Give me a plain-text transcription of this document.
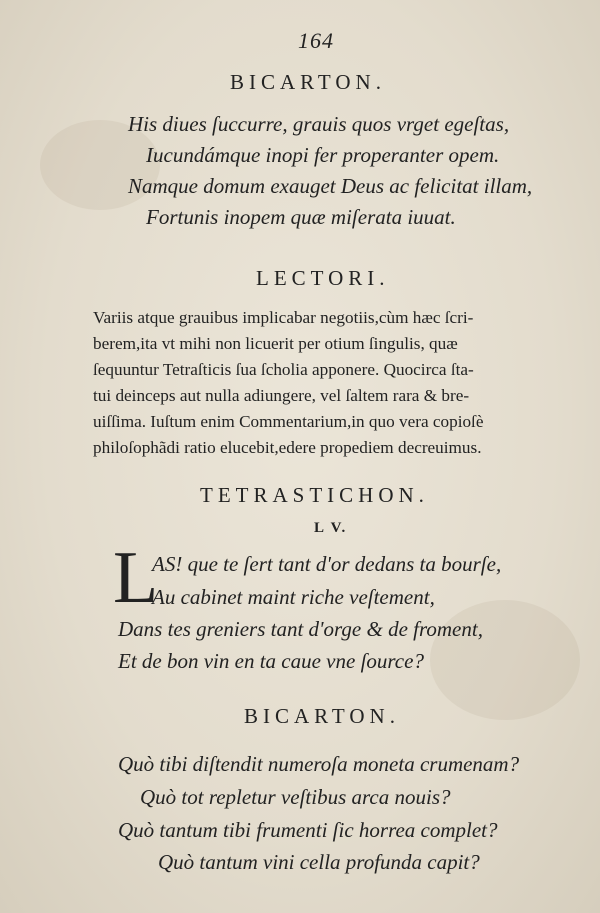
164
BICARTON.
His diues ſuccurre, grauis quos vrget egeſtas,
Iucundámque inopi fer properanter opem.
Namque domum exauget Deus ac felicitat illam,
Fortunis inopem quæ miſerata iuuat.
LECTORI.
Variis atque grauibus implicabar negotiis,cùm hæc ſcri-
berem,ita vt mihi non licuerit per otium ſingulis, quæ
ſequuntur Tetraſticis ſua ſcholia apponere. Quocirca ſta-
tui deinceps aut nulla adiungere, vel ſaltem rara & bre-
uiſſima. Iuſtum enim Commentarium,in quo vera copioſè
philoſophãdi ratio elucebit,edere propediem decreuimus.
TETRASTICHON.
L V.
L
AS! que te ſert tant d'or dedans ta bourſe,
Au cabinet maint riche veſtement,
Dans tes greniers tant d'orge & de froment,
Et de bon vin en ta caue vne ſource?
BICARTON.
Quò tibi diſtendit numeroſa moneta crumenam?
Quò tot repletur veſtibus arca nouis?
Quò tantum tibi frumenti ſic horrea complet?
Quò tantum vini cella profunda capit?
